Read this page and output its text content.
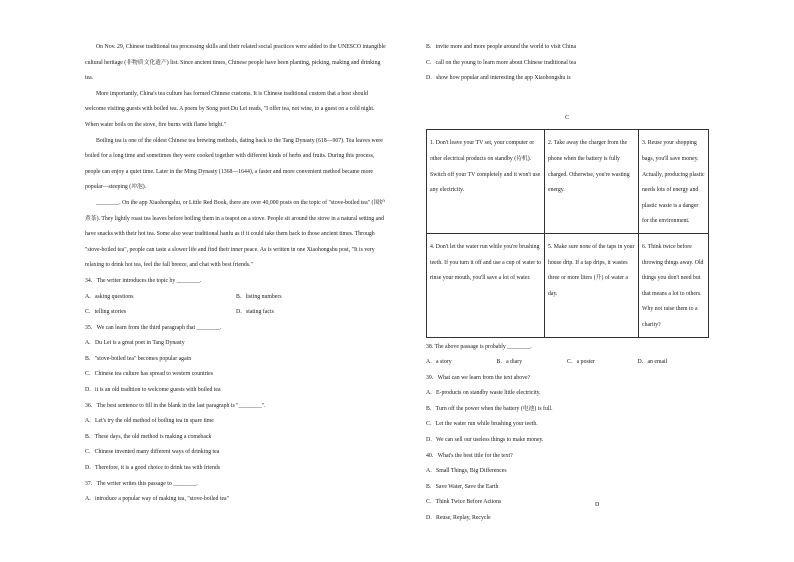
On Nov. 29, Chinese traditional tea processing skills and their related social practices were added to the UNESCO intangible cultural heritage (非物质文化遗产) list. Since ancient times, Chinese people have been planting, picking, making and drinking tea.

More importantly, China's tea culture has formed Chinese customs. It is Chinese traditional custom that a host should welcome visiting guests with boiled tea. A poem by Song poet Du Lei reads, "I offer tea, not wine, to a guest on a cold night. When water boils on the stove, fire burns with flame bright."

Boiling tea is one of the oldest Chinese tea brewing methods, dating back to the Tang Dynasty (618—907). Tea leaves were boiled for a long time and sometimes they were cooked together with different kinds of herbs and fruits. During this process, people can enjoy a quiet time. Later in the Ming Dynasty (1368—1644), a faster and more convenient method became more popular—steeping (冲泡).

________. On the app Xiaohongshu, or Little Red Book, there are over 40,000 posts on the topic of "stove-boiled tea" (围炉煮茶). They lightly roast tea leaves before boiling them in a teapot on a stove. People sit around the stove in a natural setting and have snacks with their hot tea. Some also wear traditional hanfu as if it could take them back to those ancient times. Through "stove-boiled tea", people can taste a slower life and find their inner peace. As is written in one Xiaohongshu post, "It is very relaxing to drink hot tea, feel the fall breeze, and chat with best friends."

34．The writer introduces the topic by ________.

A．asking questions	B．listing numbers
C．telling stories	D．stating facts

35．We can learn from the third paragraph that ________.

A．Du Lei is a great poet in Tang Dynasty

B．"stove-boiled tea" becomes popular again

C．Chinese tea culture has spread to western countries

D．it is an old tradition to welcome guests with boiled tea

36．The best sentence to fill in the blank in the last paragraph is "________".

A．Let's try the old method of boiling tea in spare time

B．These days, the old method is making a comeback

C．Chinese invented many different ways of drinking tea

D．Therefore, it is a good choice to drink tea with friends

37．The writer writes this passage to ________.

A．introduce a popular way of making tea, "stove-boiled tea"

B．invite more and more people around the world to visit China

C．call on the young to learn more about Chinese traditional tea

D．show how popular and interesting the app Xiaohongshu is

C

1. Don't leave your TV set, your computer or other electrical products on standby (待机). Switch off your TV completely and it won't use any electricity.	2. Take away the charger from the phone when the battery is fully charged. Otherwise, you're wasting energy.	3. Reuse your shopping bags, you'll save money. Actually, producing plastic needs lots of energy and plastic waste is a danger for the environment.
4. Don't let the water run while you're brushing teeth. If you turn it off and use a cup of water to rinse your mouth, you'll save a lot of water.	5. Make sure none of the taps in your house drip. If a tap drips, it wastes three or more liters (升) of water a day.	6. Think twice before throwing things away. Old things you don't need but that means a lot to others. Why not raise them to a charity?

38. The above passage is probably ________.

A．a story	B．a diary	C．a poster	D．an email

39．What can we learn from the text above?

A．E-products on standby waste little electricity.

B．Turn off the power when the battery (电池) is full.

C．Let the water run while brushing your teeth.

D．We can sell our useless things to make money.

40．What's the best title for the text?

A．Small Things, Big Differences

B．Save Water, Save the Earth

C．Think Twice Before Actions

D．Reuse, Replay, Recycle

D
